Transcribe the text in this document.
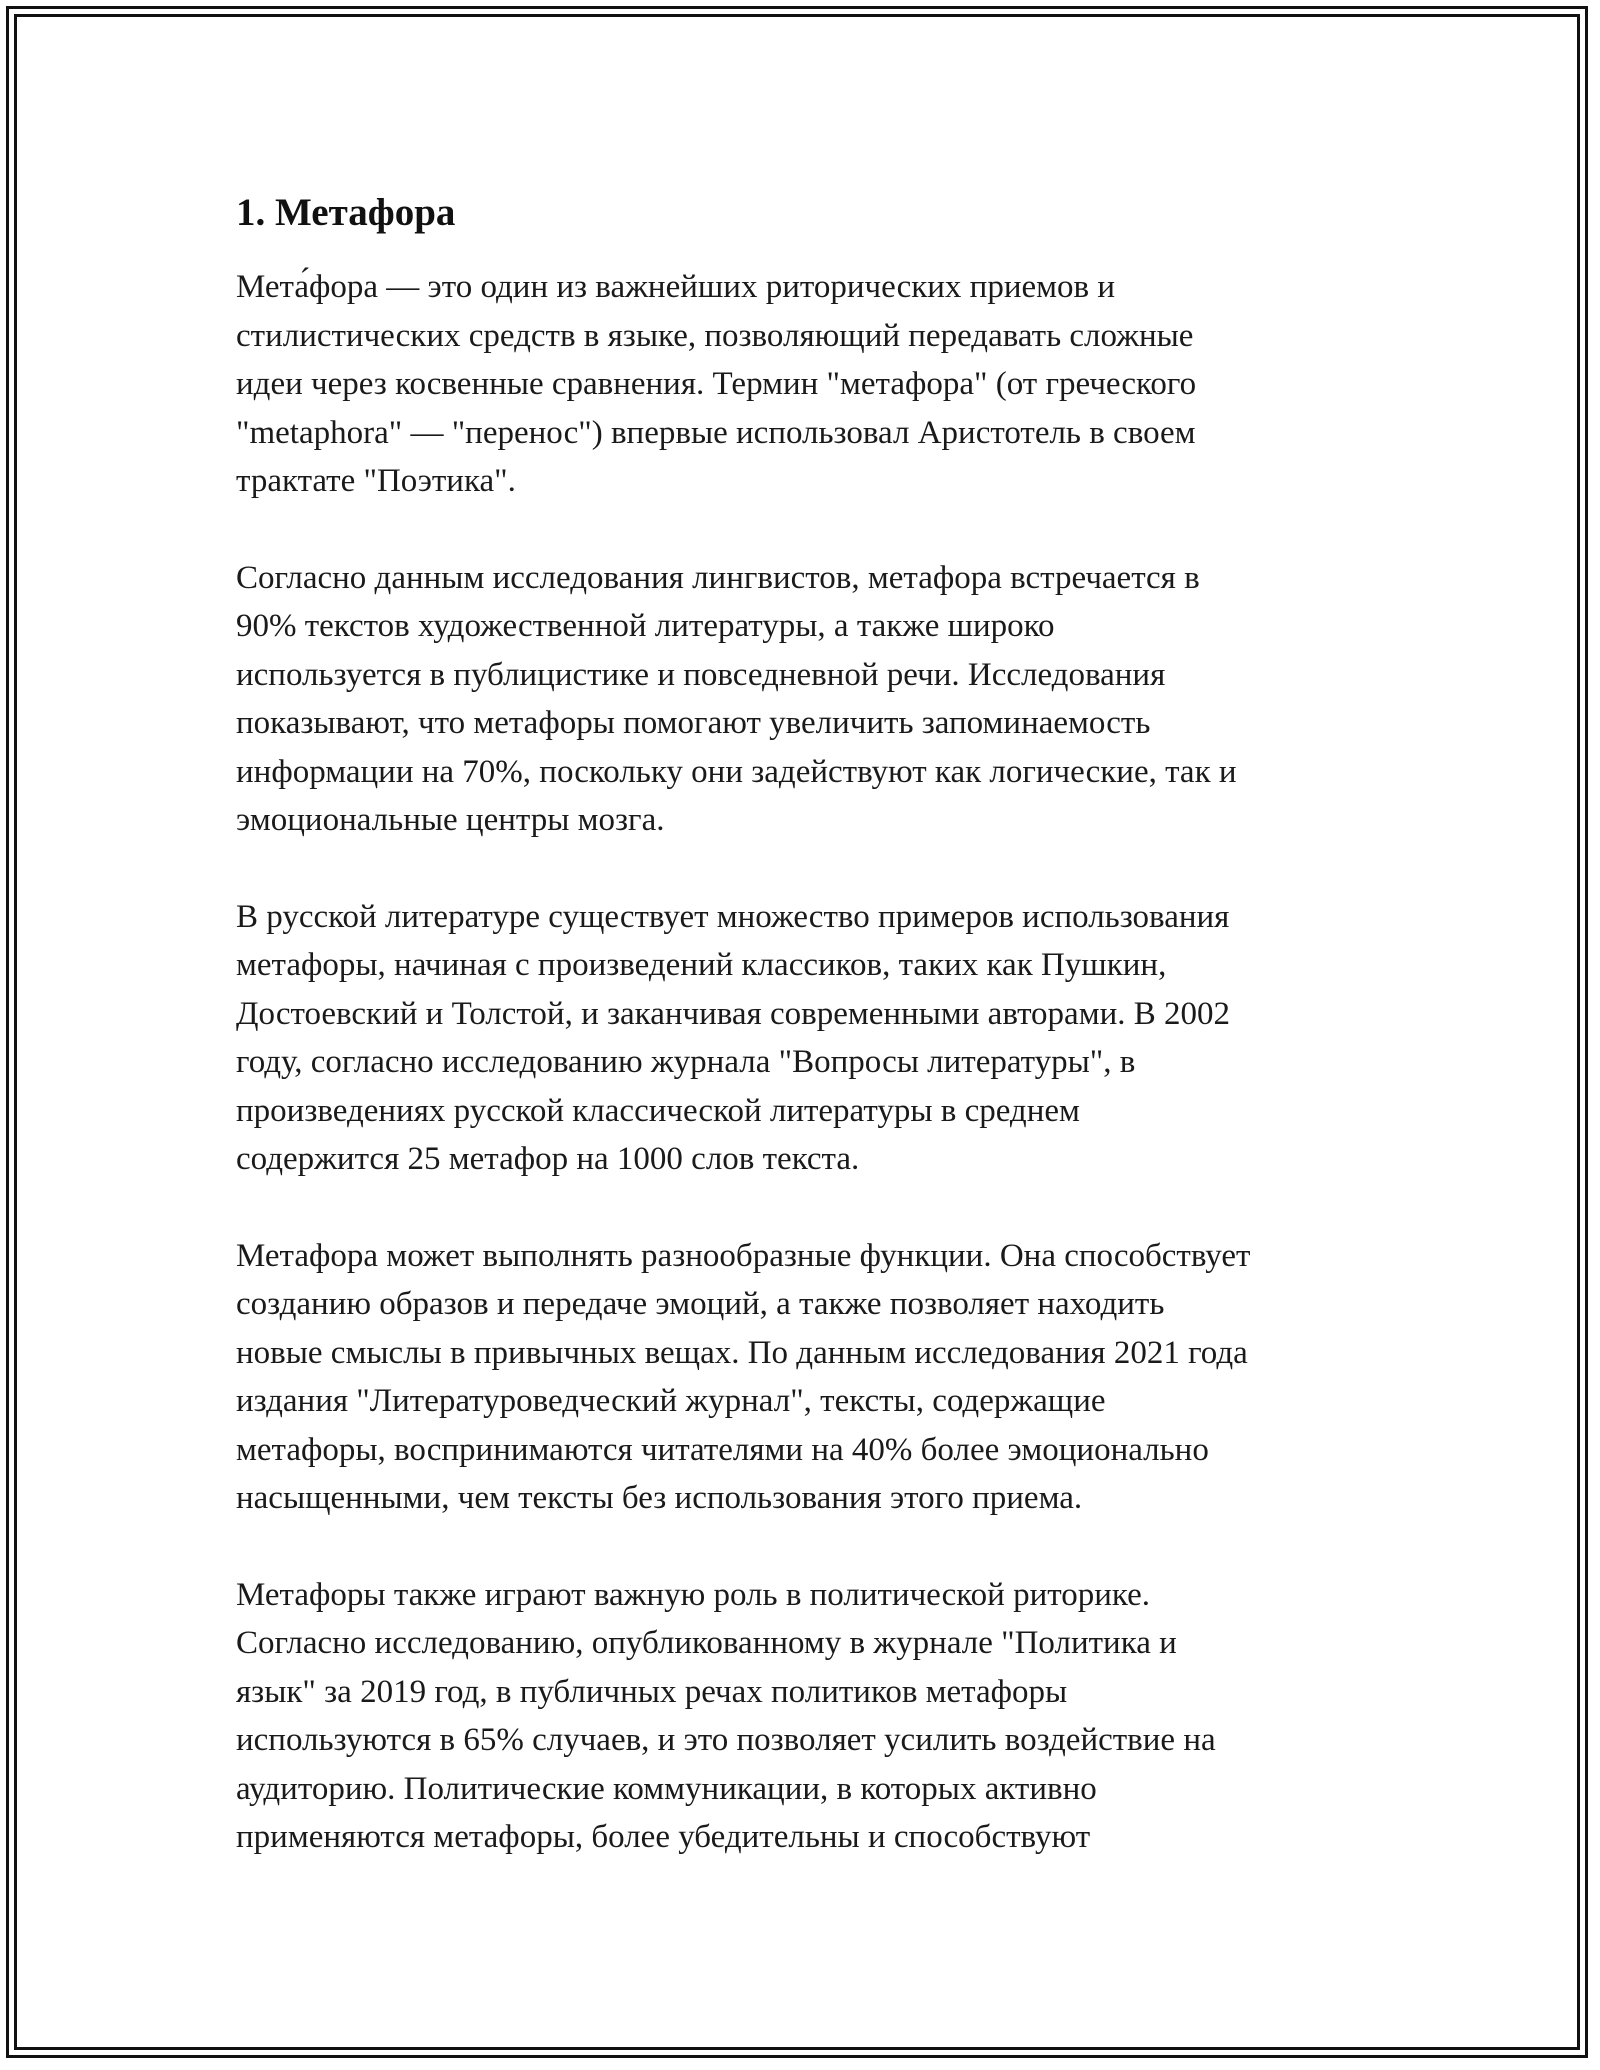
1. Метафора

Мета́фора — это один из важнейших риторических приемов и
стилистических средств в языке, позволяющий передавать сложные
идеи через косвенные сравнения. Термин "метафора" (от греческого
"metaphora" — "перенос") впервые использовал Аристотель в своем
трактате "Поэтика".

Согласно данным исследования лингвистов, метафора встречается в
90% текстов художественной литературы, а также широко
используется в публицистике и повседневной речи. Исследования
показывают, что метафоры помогают увеличить запоминаемость
информации на 70%, поскольку они задействуют как логические, так и
эмоциональные центры мозга.

В русской литературе существует множество примеров использования
метафоры, начиная с произведений классиков, таких как Пушкин,
Достоевский и Толстой, и заканчивая современными авторами. В 2002
году, согласно исследованию журнала "Вопросы литературы", в
произведениях русской классической литературы в среднем
содержится 25 метафор на 1000 слов текста.

Метафора может выполнять разнообразные функции. Она способствует
созданию образов и передаче эмоций, а также позволяет находить
новые смыслы в привычных вещах. По данным исследования 2021 года
издания "Литературоведческий журнал", тексты, содержащие
метафоры, воспринимаются читателями на 40% более эмоционально
насыщенными, чем тексты без использования этого приема.

Метафоры также играют важную роль в политической риторике.
Согласно исследованию, опубликованному в журнале "Политика и
язык" за 2019 год, в публичных речах политиков метафоры
используются в 65% случаев, и это позволяет усилить воздействие на
аудиторию. Политические коммуникации, в которых активно
применяются метафоры, более убедительны и способствуют
